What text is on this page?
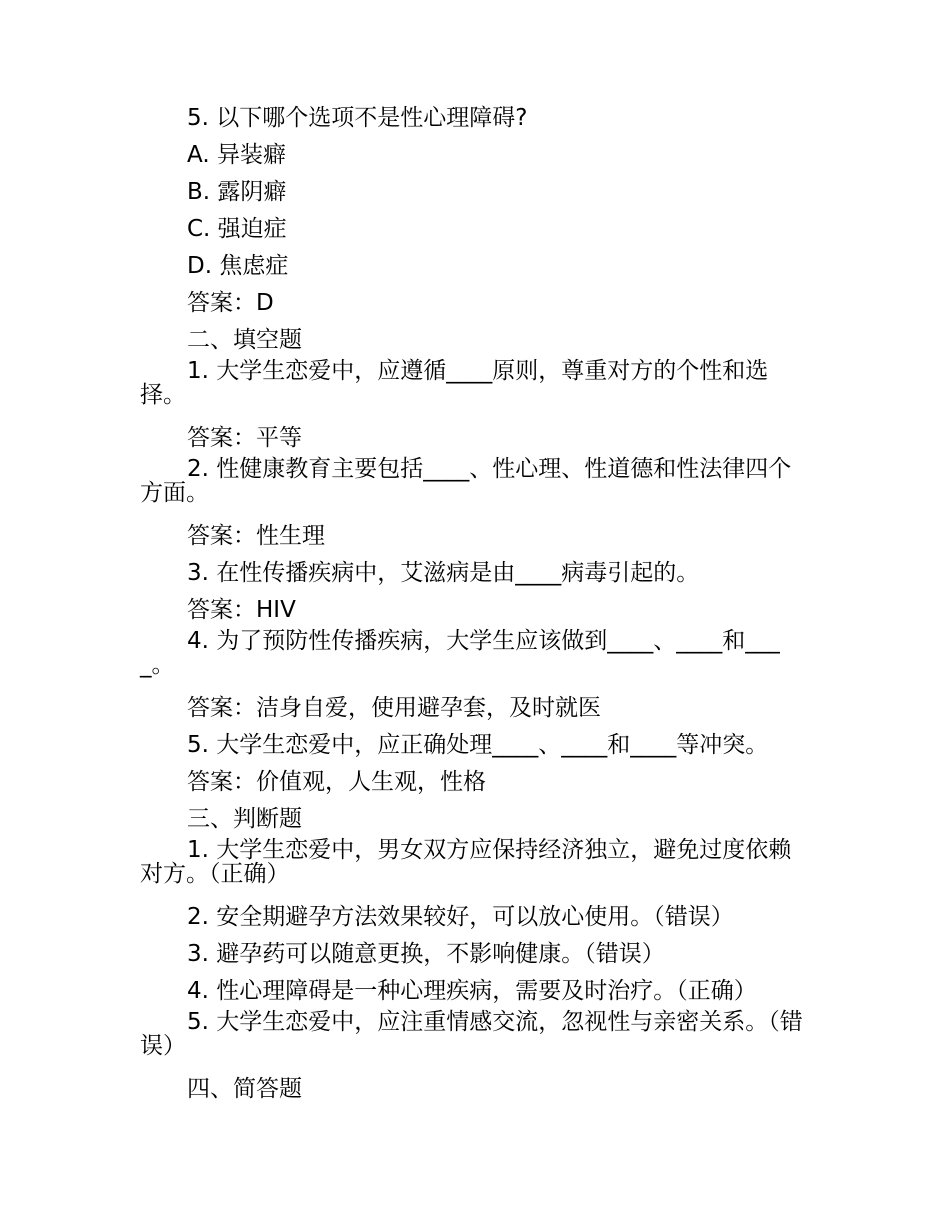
5. 以下哪个选项不是性心理障碍?

A. 异装癖

B. 露阴癖

C. 强迫症

D. 焦虑症

答案：D

二、填空题

1. 大学生恋爱中，应遵循____原则，尊重对方的个性和选择。

答案：平等

2. 性健康教育主要包括____、性心理、性道德和性法律四个方面。

答案：性生理

3. 在性传播疾病中，艾滋病是由____病毒引起的。

答案：HIV

4. 为了预防性传播疾病，大学生应该做到____、____和____。

答案：洁身自爱，使用避孕套，及时就医

5. 大学生恋爱中，应正确处理____、____和____等冲突。

答案：价值观，人生观，性格

三、判断题

1. 大学生恋爱中，男女双方应保持经济独立，避免过度依赖对方。（正确）

2. 安全期避孕方法效果较好，可以放心使用。（错误）

3. 避孕药可以随意更换，不影响健康。（错误）

4. 性心理障碍是一种心理疾病，需要及时治疗。（正确）

5. 大学生恋爱中，应注重情感交流，忽视性与亲密关系。（错误）

四、简答题
